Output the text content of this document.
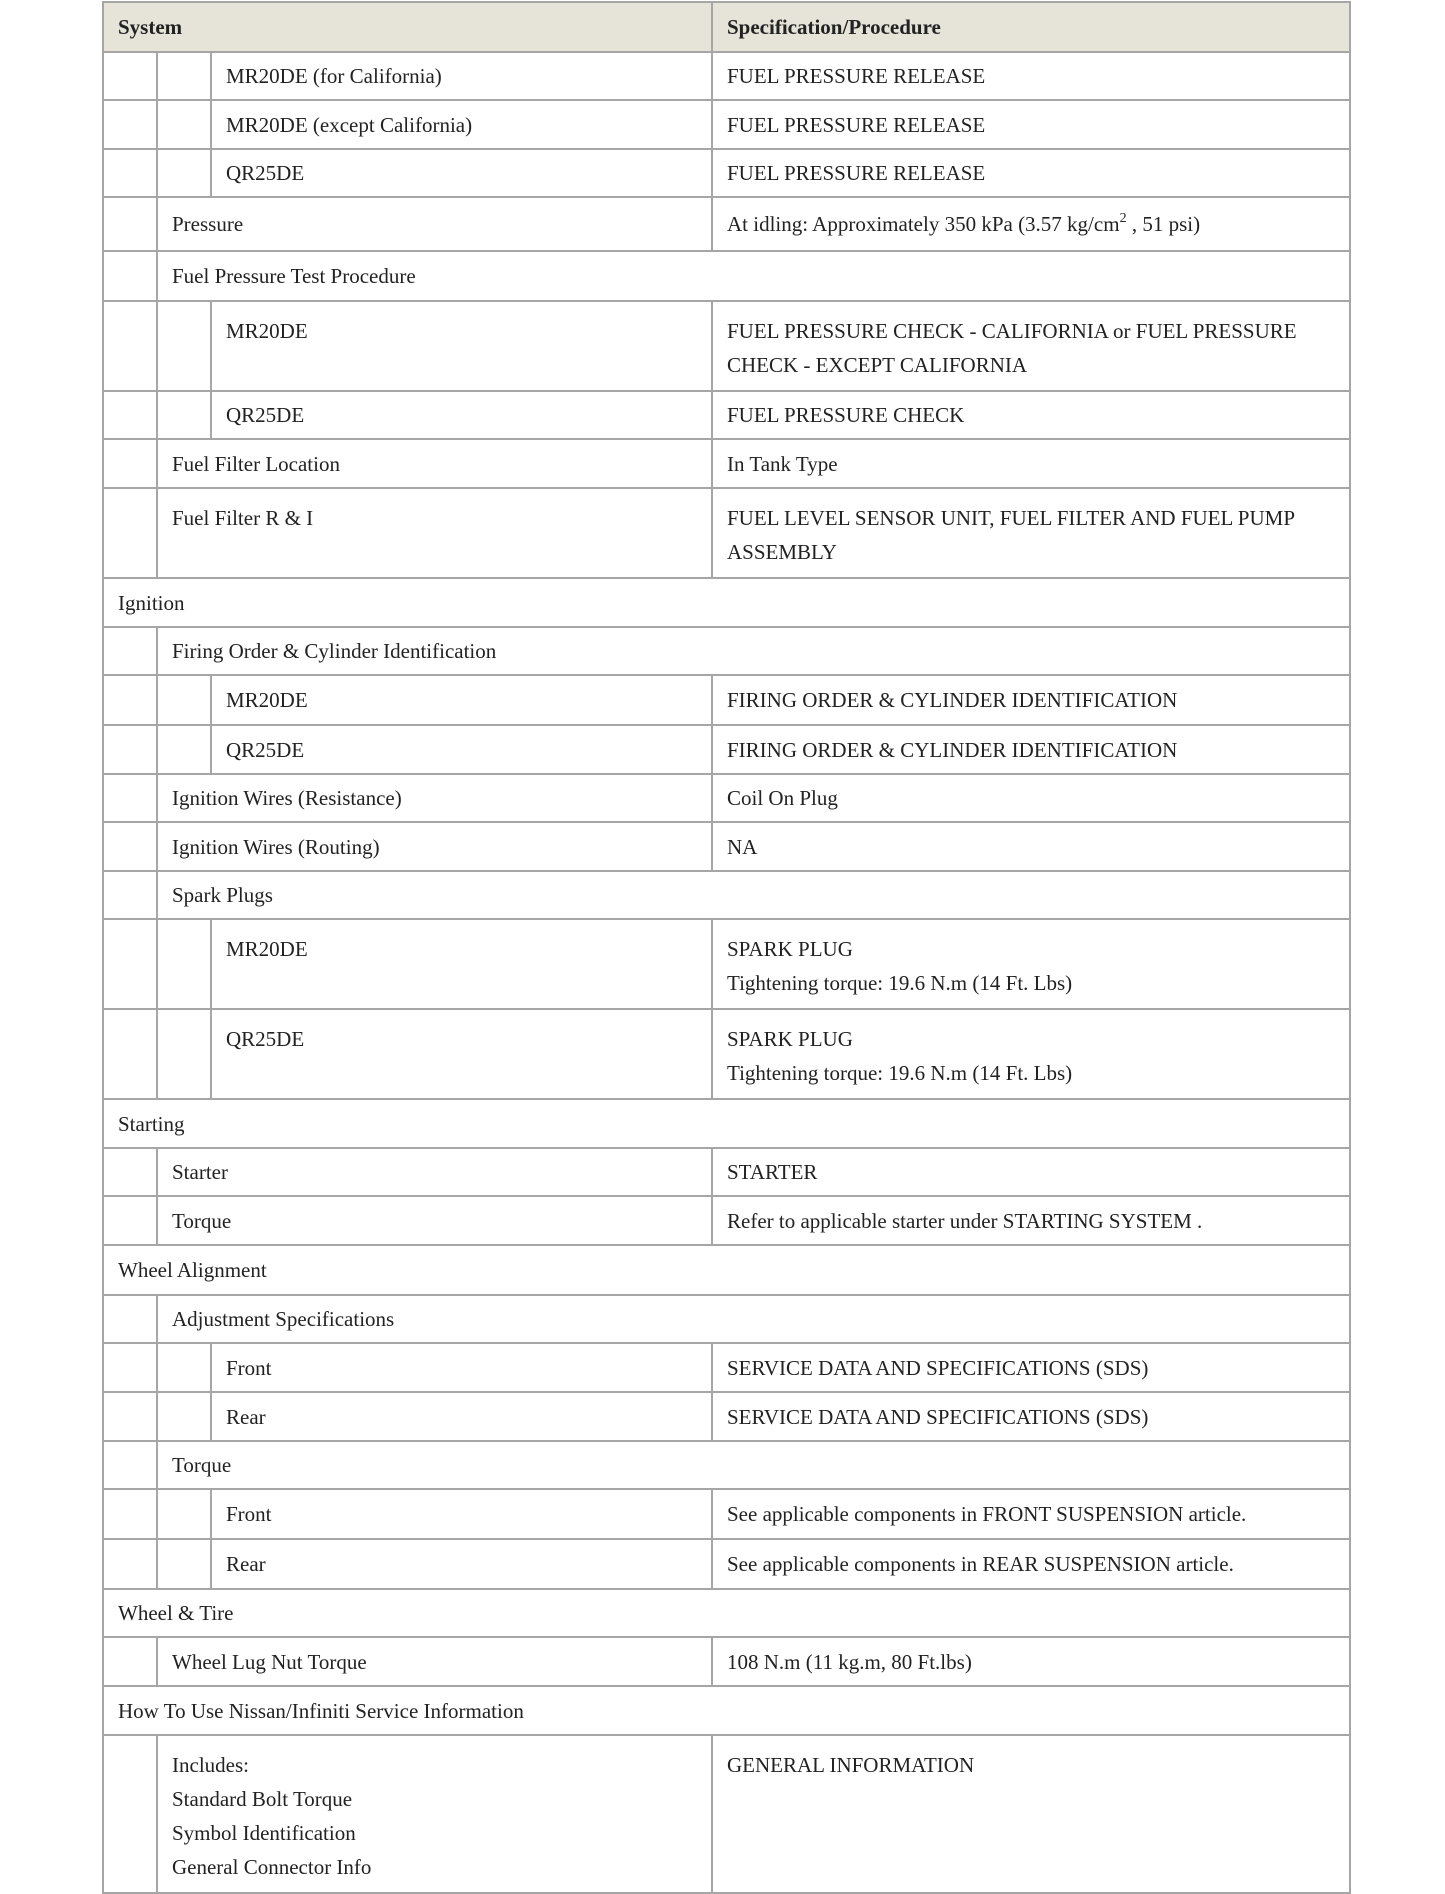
System			Specification/Procedure
		MR20DE (for California)	FUEL PRESSURE RELEASE
		MR20DE (except California)	FUEL PRESSURE RELEASE
		QR25DE	FUEL PRESSURE RELEASE
	Pressure		At idling: Approximately 350 kPa (3.57 $kg/cm^2$ , 51 psi)
	Fuel Pressure Test Procedure		
		MR20DE	FUEL PRESSURE CHECK - CALIFORNIA or FUEL PRESSURE CHECK - EXCEPT CALIFORNIA
		QR25DE	FUEL PRESSURE CHECK
	Fuel Filter Location		In Tank Type
	Fuel Filter R & I		FUEL LEVEL SENSOR UNIT, FUEL FILTER AND FUEL PUMP ASSEMBLY
Ignition			
	Firing Order & Cylinder Identification		
		MR20DE	FIRING ORDER & CYLINDER IDENTIFICATION
		QR25DE	FIRING ORDER & CYLINDER IDENTIFICATION
	Ignition Wires (Resistance)		Coil On Plug
	Ignition Wires (Routing)		NA
	Spark Plugs		
		MR20DE	SPARK PLUG
Tightening torque: 19.6 N.m (14 Ft. Lbs)

		QR25DE	SPARK PLUG
Tightening torque: 19.6 N.m (14 Ft. Lbs)

Starting			
	Starter		STARTER
	Torque		Refer to applicable starter under STARTING SYSTEM .
Wheel Alignment			
	Adjustment Specifications		
		Front	SERVICE DATA AND SPECIFICATIONS (SDS)
		Rear	SERVICE DATA AND SPECIFICATIONS (SDS)
	Torque		
		Front	See applicable components in FRONT SUSPENSION article.
		Rear	See applicable components in REAR SUSPENSION article.
Wheel & Tire			
	Wheel Lug Nut Torque		108 N.m (11 kg.m, 80 Ft.lbs)
How To Use Nissan/Infiniti Service Information			

	Includes:
Standard Bolt Torque
Symbol Identification
General Connector Info		GENERAL INFORMATION
